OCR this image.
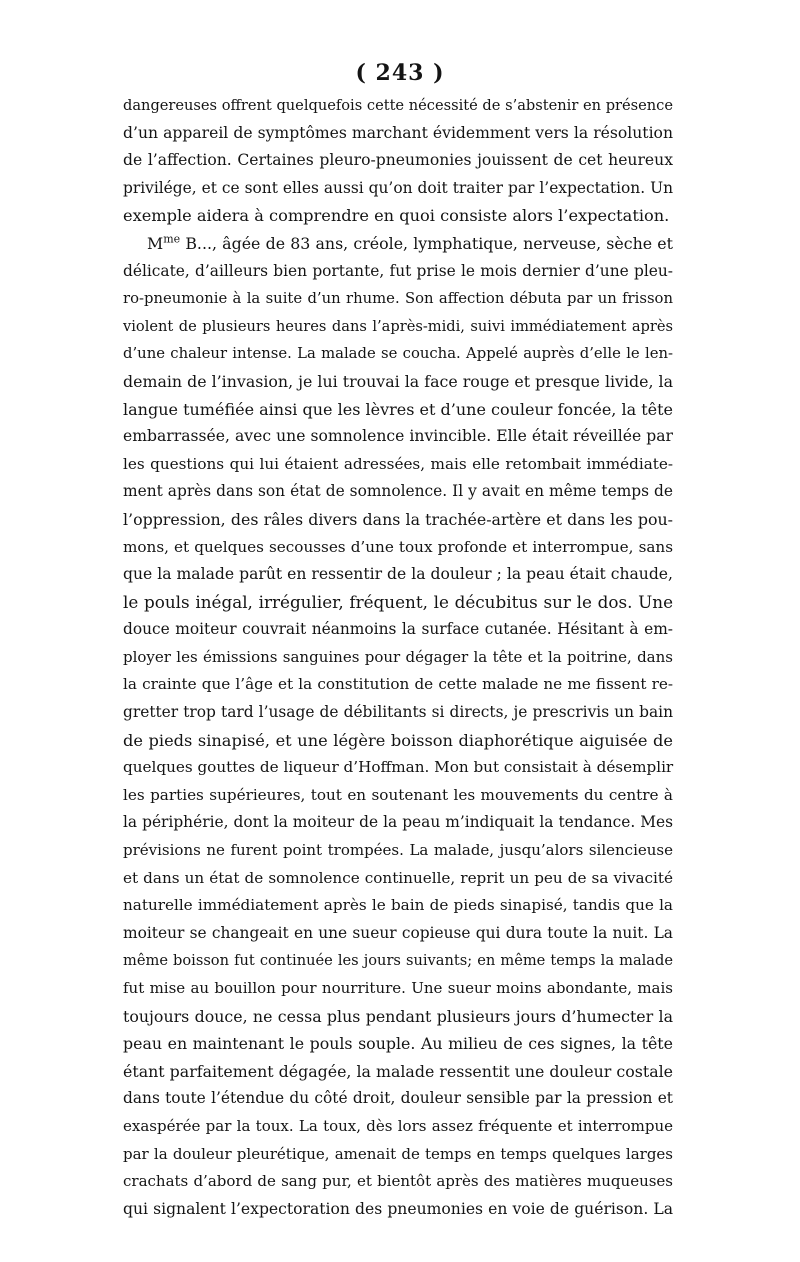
( 243 )
dangereuses offrent quelquefois cette nécessité de s’abstenir en présence
d’un appareil de symptômes marchant évidemment vers la résolution
de l’affection. Certaines pleuro-pneumonies jouissent de cet heureux
privilége, et ce sont elles aussi qu’on doit traiter par l’expectation. Un
exemple aidera à comprendre en quoi consiste alors l’expectation.
$M^{me}$ B..., âgée de 83 ans, créole, lymphatique, nerveuse, sèche et
délicate, d’ailleurs bien portante, fut prise le mois dernier d’une pleu-
ro-pneumonie à la suite d’un rhume. Son affection débuta par un frisson
violent de plusieurs heures dans l’après-midi, suivi immédiatement après
d’une chaleur intense. La malade se coucha. Appelé auprès d’elle le len-
demain de l’invasion, je lui trouvai la face rouge et presque livide, la
langue tuméfiée ainsi que les lèvres et d’une couleur foncée, la tête
embarrassée, avec une somnolence invincible. Elle était réveillée par
les questions qui lui étaient adressées, mais elle retombait immédiate-
ment après dans son état de somnolence. Il y avait en même temps de
l’oppression, des râles divers dans la trachée-artère et dans les pou-
mons, et quelques secousses d’une toux profonde et interrompue, sans
que la malade parût en ressentir de la douleur ; la peau était chaude,
le pouls inégal, irrégulier, fréquent, le décubitus sur le dos. Une
douce moiteur couvrait néanmoins la surface cutanée. Hésitant à em-
ployer les émissions sanguines pour dégager la tête et la poitrine, dans
la crainte que l’âge et la constitution de cette malade ne me fissent re-
gretter trop tard l’usage de débilitants si directs, je prescrivis un bain
de pieds sinapisé, et une légère boisson diaphorétique aiguisée de
quelques gouttes de liqueur d’Hoffman. Mon but consistait à désemplir
les parties supérieures, tout en soutenant les mouvements du centre à
la périphérie, dont la moiteur de la peau m’indiquait la tendance. Mes
prévisions ne furent point trompées. La malade, jusqu’alors silencieuse
et dans un état de somnolence continuelle, reprit un peu de sa vivacité
naturelle immédiatement après le bain de pieds sinapisé, tandis que la
moiteur se changeait en une sueur copieuse qui dura toute la nuit. La
même boisson fut continuée les jours suivants; en même temps la malade
fut mise au bouillon pour nourriture. Une sueur moins abondante, mais
toujours douce, ne cessa plus pendant plusieurs jours d’humecter la
peau en maintenant le pouls souple. Au milieu de ces signes, la tête
étant parfaitement dégagée, la malade ressentit une douleur costale
dans toute l’étendue du côté droit, douleur sensible par la pression et
exaspérée par la toux. La toux, dès lors assez fréquente et interrompue
par la douleur pleurétique, amenait de temps en temps quelques larges
crachats d’abord de sang pur, et bientôt après des matières muqueuses
qui signalent l’expectoration des pneumonies en voie de guérison. La
